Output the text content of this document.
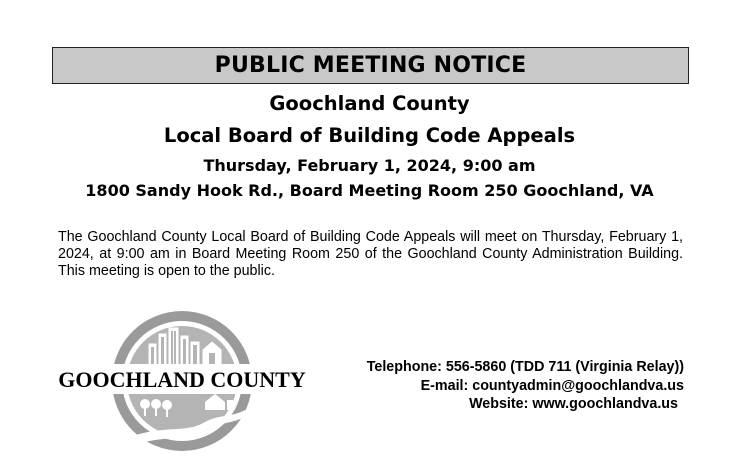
PUBLIC MEETING NOTICE
Goochland County
Local Board of Building Code Appeals
Thursday, February 1, 2024, 9:00 am
1800 Sandy Hook Rd., Board Meeting Room 250 Goochland, VA
The Goochland County Local Board of Building Code Appeals will meet on Thursday, February 1, 2024, at 9:00 am in Board Meeting Room 250 of the Goochland County Administration Building. This meeting is open to the public.
GOOCHLAND COUNTY	Telephone: 556-5860 (TDD 711 (Virginia Relay))
E-mail: countyadmin@goochlandva.us
Website: www.goochlandva.us
